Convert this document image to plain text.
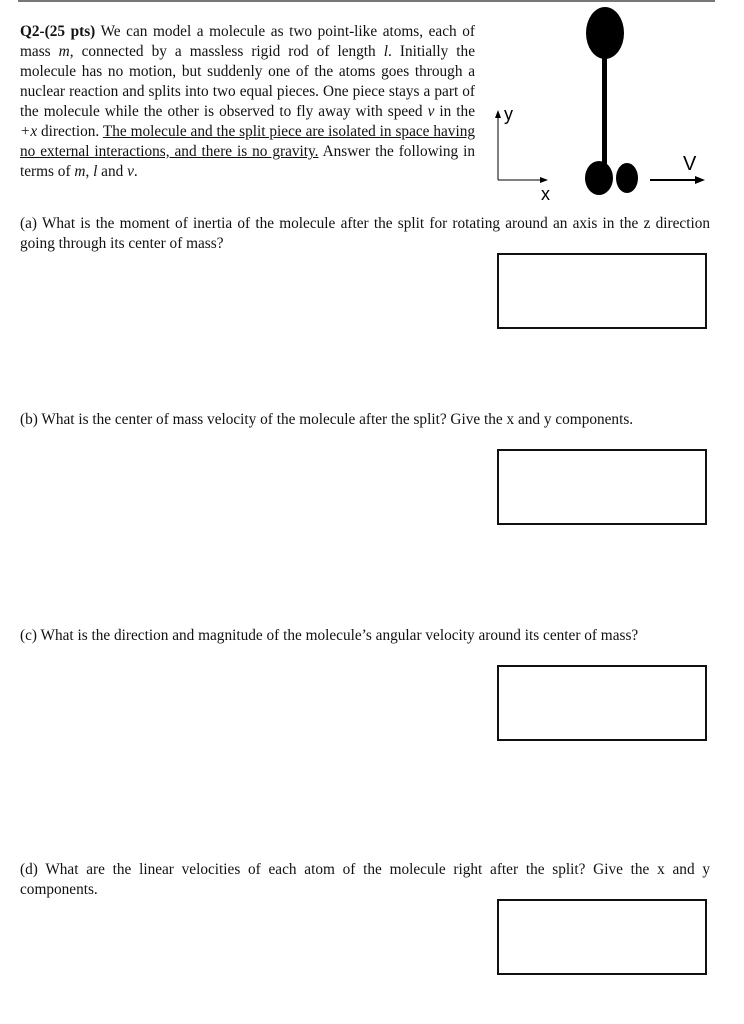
Q2-(25 pts) We can model a molecule as two point-like atoms, each of mass m, connected by a massless rigid rod of length l. Initially the molecule has no motion, but suddenly one of the atoms goes through a nuclear reaction and splits into two equal pieces. One piece stays a part of the molecule while the other is observed to fly away with speed v in the +x direction. The molecule and the split piece are isolated in space having no external interactions, and there is no gravity. Answer the following in terms of m, l and v.
y
x
V
(a) What is the moment of inertia of the molecule after the split for rotating around an axis in the z direction going through its center of mass?
(b) What is the center of mass velocity of the molecule after the split? Give the x and y components.
(c) What is the direction and magnitude of the molecule’s angular velocity around its center of mass?
(d) What are the linear velocities of each atom of the molecule right after the split? Give the x and y components.
